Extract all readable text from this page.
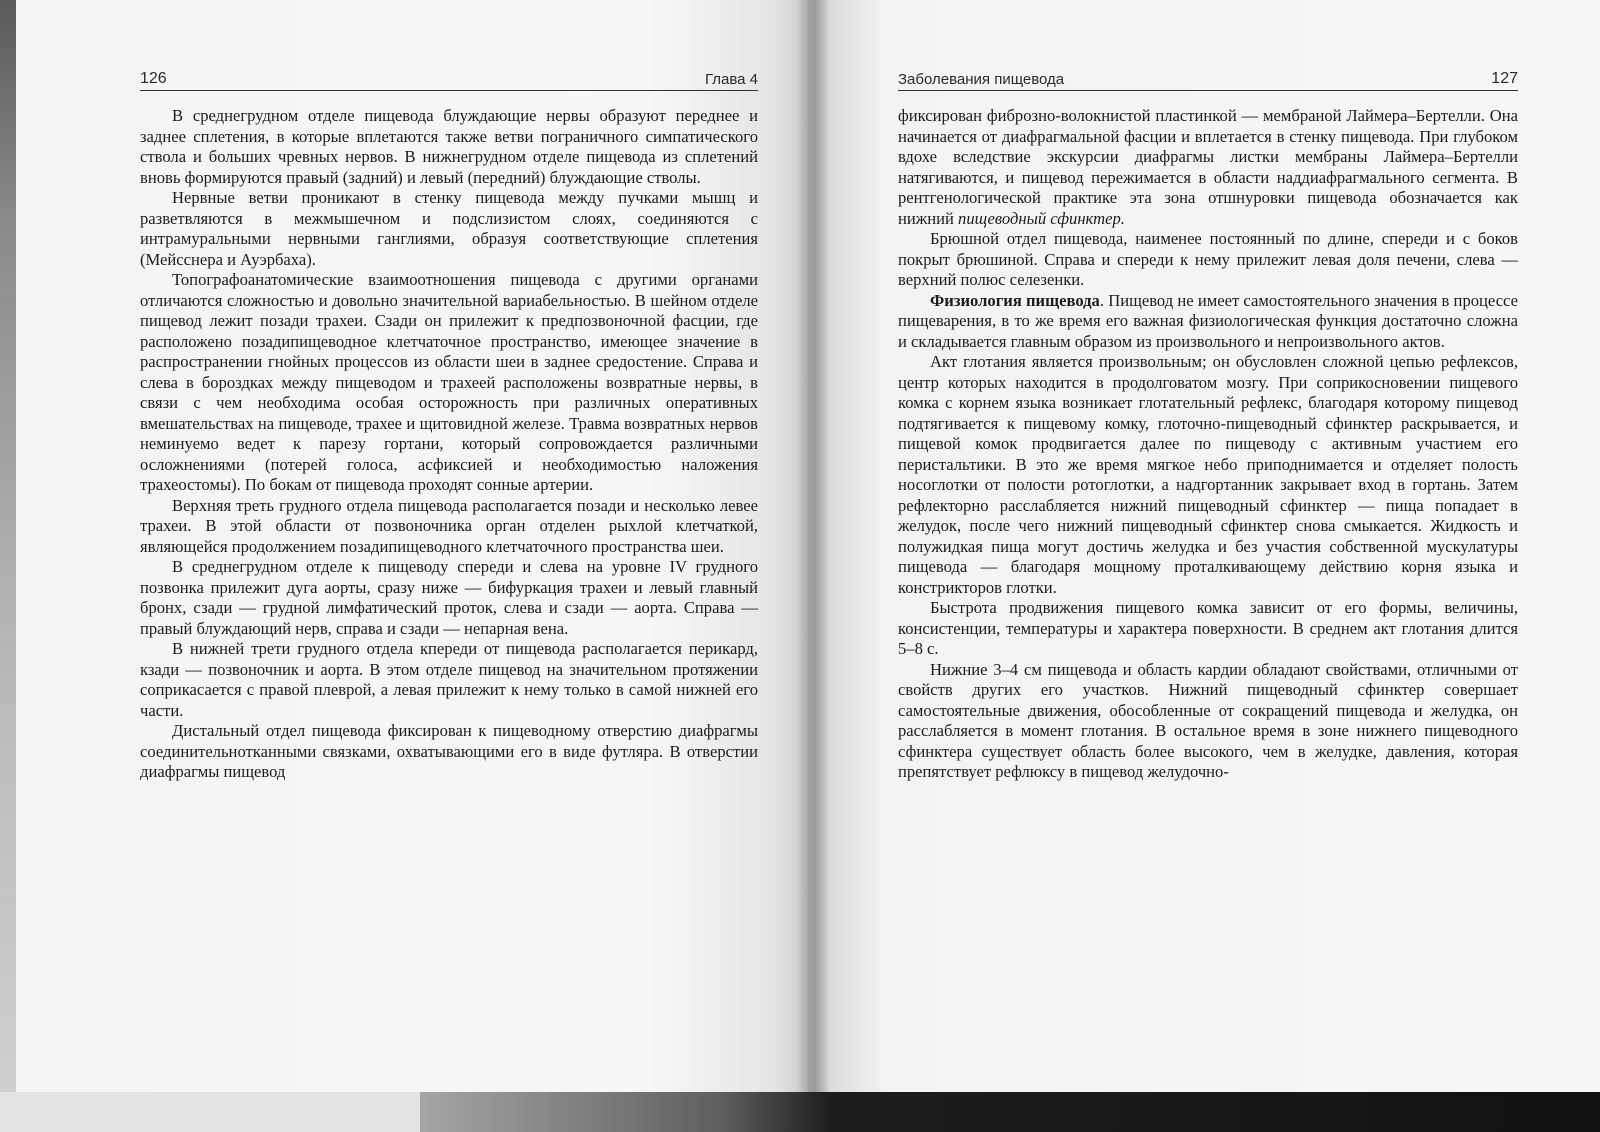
126	Глава 4

В среднегрудном отделе пищевода блуждающие нервы образуют переднее и заднее сплетения, в которые вплетаются также ветви пограничного симпатического ствола и больших чревных нервов. В нижнегрудном отделе пищевода из сплетений вновь формируются правый (задний) и левый (передний) блуждающие стволы.

Нервные ветви проникают в стенку пищевода между пучками мышц и разветвляются в межмышечном и подслизистом слоях, соединяются с интрамуральными нервными ганглиями, образуя соответствующие сплетения (Мейсснера и Ауэрбаха).

Топографоанатомические взаимоотношения пищевода с другими органами отличаются сложностью и довольно значительной вариабельностью. В шейном отделе пищевод лежит позади трахеи. Сзади он прилежит к предпозвоночной фасции, где расположено позадипищеводное клетчаточное пространство, имеющее значение в распространении гнойных процессов из области шеи в заднее средостение. Справа и слева в бороздках между пищеводом и трахеей расположены возвратные нервы, в связи с чем необходима особая осторожность при различных оперативных вмешательствах на пищеводе, трахее и щитовидной железе. Травма возвратных нервов неминуемо ведет к парезу гортани, который сопровождается различными осложнениями (потерей голоса, асфиксией и необходимостью наложения трахеостомы). По бокам от пищевода проходят сонные артерии.

Верхняя треть грудного отдела пищевода располагается позади и несколько левее трахеи. В этой области от позвоночника орган отделен рыхлой клетчаткой, являющейся продолжением позадипищеводного клетчаточного пространства шеи.

В среднегрудном отделе к пищеводу спереди и слева на уровне IV грудного позвонка прилежит дуга аорты, сразу ниже — бифуркация трахеи и левый главный бронх, сзади — грудной лимфатический проток, слева и сзади — аорта. Справа — правый блуждающий нерв, справа и сзади — непарная вена.

В нижней трети грудного отдела кпереди от пищевода располагается перикард, кзади — позвоночник и аорта. В этом отделе пищевод на значительном протяжении соприкасается с правой плеврой, а левая прилежит к нему только в самой нижней его части.

Дистальный отдел пищевода фиксирован к пищеводному отверстию диафрагмы соединительнотканными связками, охватывающими его в виде футляра. В отверстии диафрагмы пищевод

Заболевания пищевода	127

фиксирован фиброзно-волокнистой пластинкой — мембраной Лаймера–Бертелли. Она начинается от диафрагмальной фасции и вплетается в стенку пищевода. При глубоком вдохе вследствие экскурсии диафрагмы листки мембраны Лаймера–Бертелли натягиваются, и пищевод пережимается в области наддиафрагмального сегмента. В рентгенологической практике эта зона отшнуровки пищевода обозначается как нижний пищеводный сфинктер.

Брюшной отдел пищевода, наименее постоянный по длине, спереди и с боков покрыт брюшиной. Справа и спереди к нему прилежит левая доля печени, слева — верхний полюс селезенки.

Физиология пищевода. Пищевод не имеет самостоятельного значения в процессе пищеварения, в то же время его важная физиологическая функция достаточно сложна и складывается главным образом из произвольного и непроизвольного актов.

Акт глотания является произвольным; он обусловлен сложной цепью рефлексов, центр которых находится в продолговатом мозгу. При соприкосновении пищевого комка с корнем языка возникает глотательный рефлекс, благодаря которому пищевод подтягивается к пищевому комку, глоточно-пищеводный сфинктер раскрывается, и пищевой комок продвигается далее по пищеводу с активным участием его перистальтики. В это же время мягкое небо приподнимается и отделяет полость носоглотки от полости ротоглотки, а надгортанник закрывает вход в гортань. Затем рефлекторно расслабляется нижний пищеводный сфинктер — пища попадает в желудок, после чего нижний пищеводный сфинктер снова смыкается. Жидкость и полужидкая пища могут достичь желудка и без участия собственной мускулатуры пищевода — благодаря мощному проталкивающему действию корня языка и констрикторов глотки.

Быстрота продвижения пищевого комка зависит от его формы, величины, консистенции, температуры и характера поверхности. В среднем акт глотания длится 5–8 с.

Нижние 3–4 см пищевода и область кардии обладают свойствами, отличными от свойств других его участков. Нижний пищеводный сфинктер совершает самостоятельные движения, обособленные от сокращений пищевода и желудка, он расслабляется в момент глотания. В остальное время в зоне нижнего пищеводного сфинктера существует область более высокого, чем в желудке, давления, которая препятствует рефлюксу в пищевод желудочно-
